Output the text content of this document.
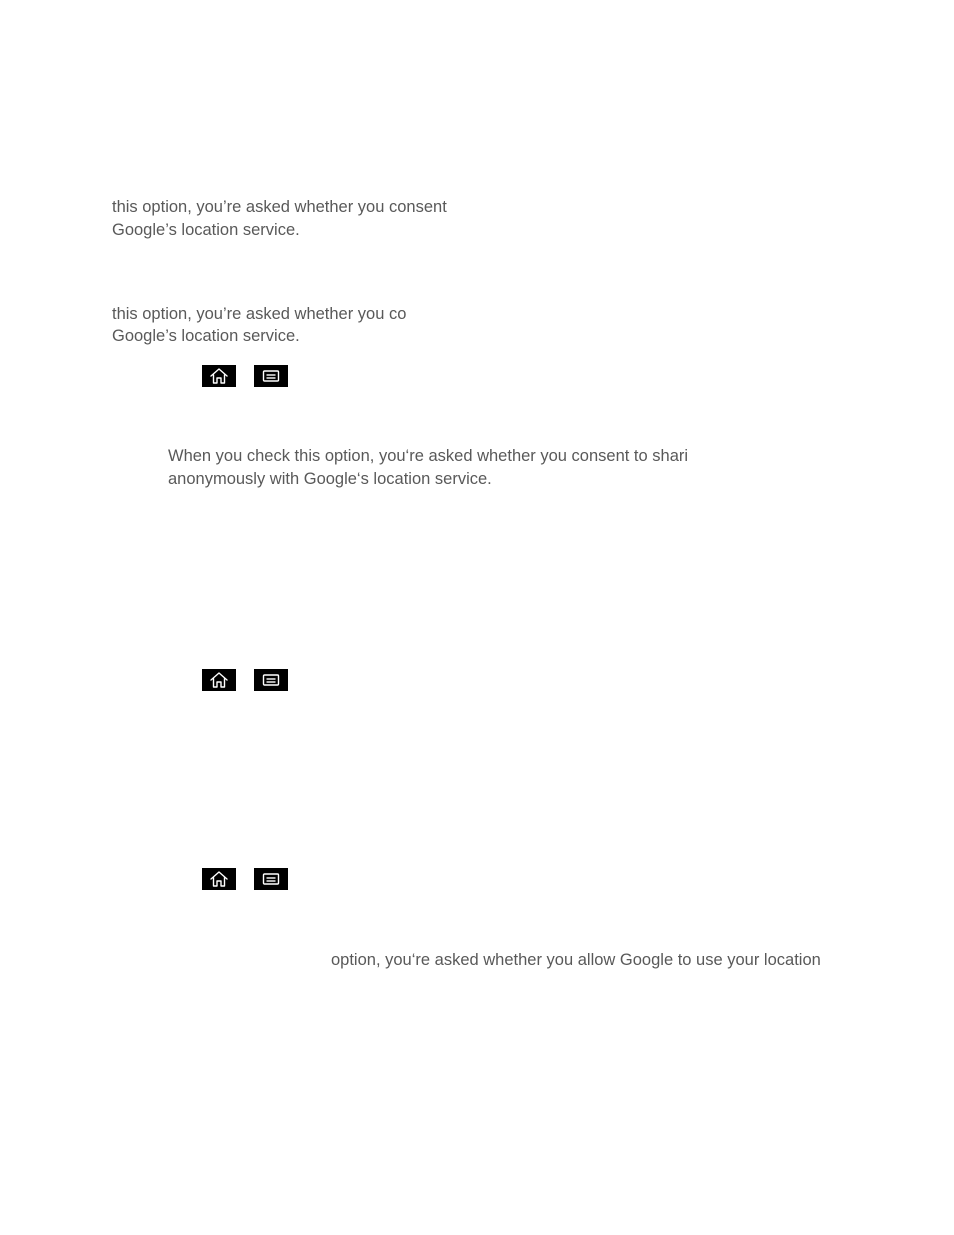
this option, you’re asked whether you consent
Google’s location service.
this option, you’re asked whether you co
Google’s location service.
When you check this option, you‘re asked whether you consent to shari
anonymously with Google‘s location service.
option, you‘re asked whether you allow Google to use your location
